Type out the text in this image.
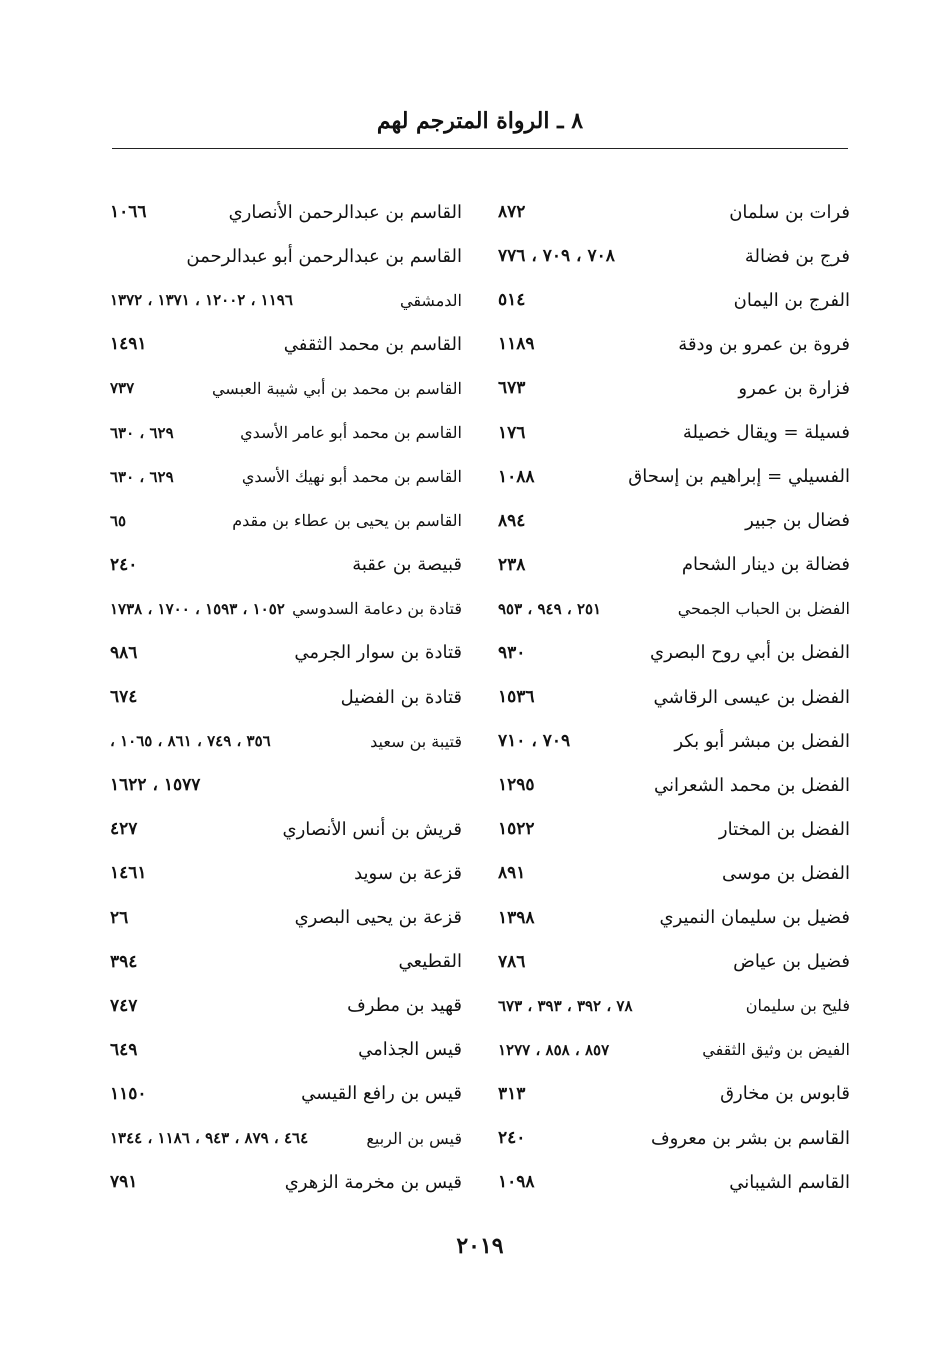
٨ ـ الرواة المترجم لهم
فرات بن سلمان
٨٧٢
فرج بن فضالة
٧٠٨ ، ٧٠٩ ، ٧٧٦
الفرج بن اليمان
٥١٤
فروة بن عمرو بن ودقة
١١٨٩
فزارة بن عمرو
٦٧٣
فسيلة = ويقال خصيلة
١٧٦
الفسيلي = إبراهيم بن إسحاق
١٠٨٨
فضال بن جبير
٨٩٤
فضالة بن دينار الشحام
٢٣٨
الفضل بن الحباب الجمحي
٢٥١ ، ٩٤٩ ، ٩٥٣
الفضل بن أبي روح البصري
٩٣٠
الفضل بن عيسى الرقاشي
١٥٣٦
الفضل بن مبشر أبو بكر
٧٠٩ ، ٧١٠
الفضل بن محمد الشعراني
١٢٩٥
الفضل بن المختار
١٥٢٢
الفضل بن موسى
٨٩١
فضيل بن سليمان النميري
١٣٩٨
فضيل بن عياض
٧٨٦
فليح بن سليمان
٧٨ ، ٣٩٢ ، ٣٩٣ ، ٦٧٣
الفيض بن وثيق الثقفي
٨٥٧ ، ٨٥٨ ، ١٢٧٧
قابوس بن مخارق
٣١٣
القاسم بن بشر بن معروف
٢٤٠
القاسم الشيباني
١٠٩٨
القاسم بن عبدالرحمن الأنصاري
١٠٦٦
القاسم بن عبدالرحمن أبو عبدالرحمن
الدمشقي
١١٩٦ ، ١٢٠٠٢ ، ١٣٧١ ، ١٣٧٢
القاسم بن محمد الثقفي
١٤٩١
القاسم بن محمد بن أبي شيبة العبسي
٧٣٧
القاسم بن محمد أبو عامر الأسدي
٦٢٩ ، ٦٣٠
القاسم بن محمد أبو نهيك الأسدي
٦٢٩ ، ٦٣٠
القاسم بن يحيى بن عطاء بن مقدم
٦٥
قبيصة بن عقبة
٢٤٠
قتادة بن دعامة السدوسي
١٠٥٢ ، ١٥٩٣ ، ١٧٠٠ ، ١٧٣٨
قتادة بن سوار الجرمي
٩٨٦
قتادة بن الفضيل
٦٧٤
قتيبة بن سعيد
٣٥٦ ، ٧٤٩ ، ٨٦١ ، ١٠٦٥ ،
١٥٧٧ ، ١٦٢٢
قريش بن أنس الأنصاري
٤٢٧
قزعة بن سويد
١٤٦١
قزعة بن يحيى البصري
٢٦
القطيعي
٣٩٤
قهيد بن مطرف
٧٤٧
قيس الجذامي
٦٤٩
قيس بن رافع القيسي
١١٥٠
قيس بن الربيع
٤٦٤ ، ٨٧٩ ، ٩٤٣ ، ١١٨٦ ، ١٣٤٤
قيس بن مخرمة الزهري
٧٩١
٢٠١٩
